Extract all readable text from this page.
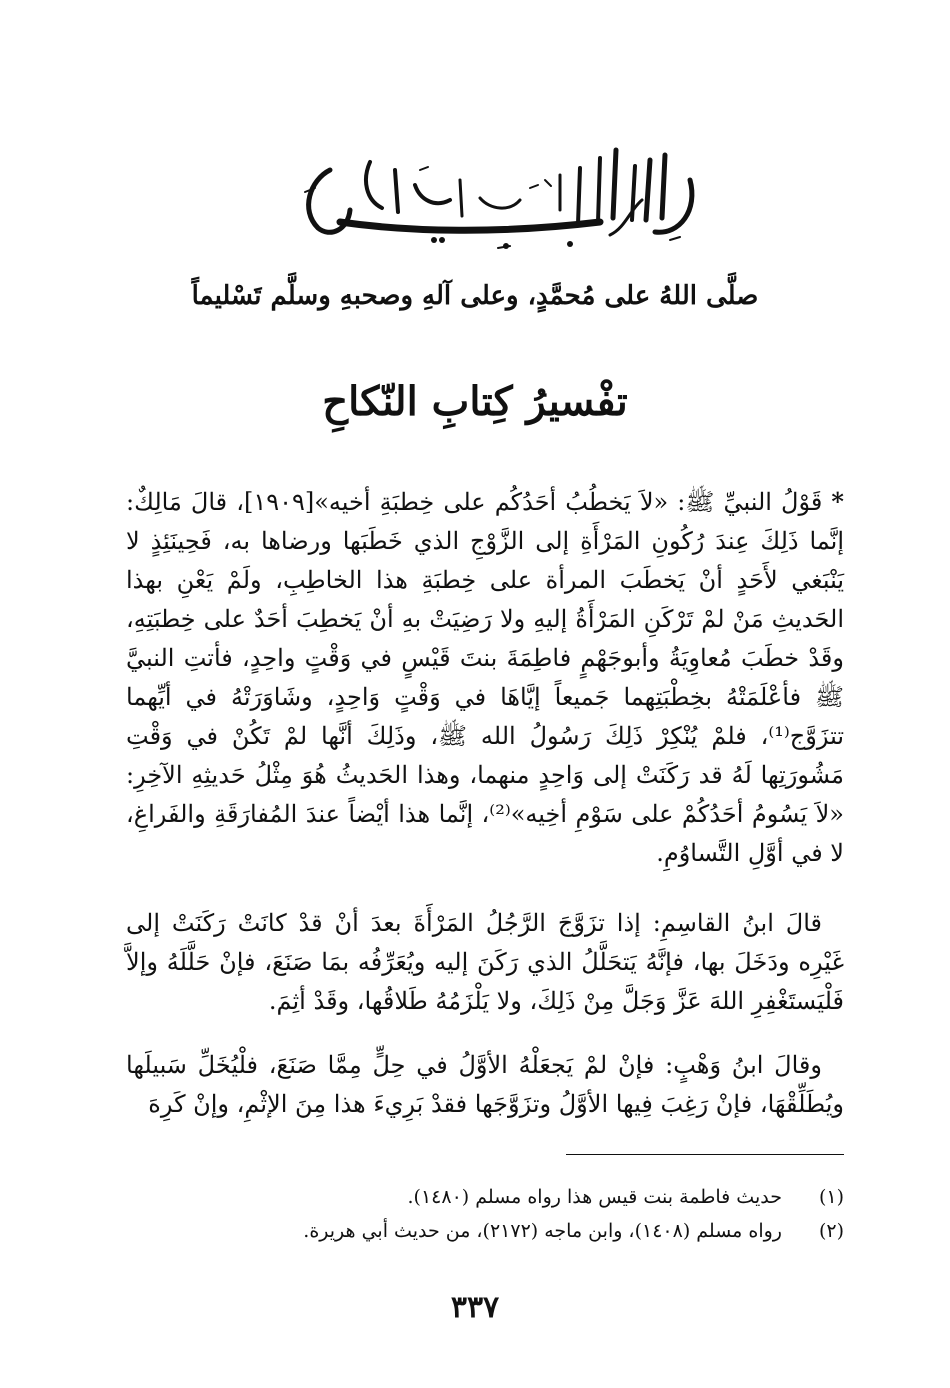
صلَّى اللهُ على مُحمَّدٍ، وعلى آلهِ وصحبهِ وسلَّم تَسْليماً
تفْسيرُ كِتابِ النّكاحِ

* قَوْلُ النبيِّ ﷺ: «لاَ يَخطُبُ أحَدُكُم على خِطبَةِ أخيه»[١٩٠٩]، قالَ مَالِكٌ: إنَّما ذَلِكَ عِندَ رُكُونِ المَرْأَةِ إلى الزَّوْجِ الذي خَطَبَها ورضاها به، فَحِينَئِذٍ لا يَنْبَغي لأَحَدٍ أنْ يَخطَبَ المرأة على خِطبَةِ هذا الخاطِبِ، ولَمْ يَعْنِ بهذا الحَديثِ مَنْ لمْ تَرْكَنِ المَرْأَةُ إليهِ ولا رَضِيَتْ بهِ أنْ يَخطِبَ أحَدٌ على خِطبَتِهِ، وقَدْ خطَبَ مُعاوِيَةُ وأبوجَهْمٍ فاطِمَةَ بنتَ قَيْسٍ في وَقْتٍ واحِدٍ، فأتتِ النبيَّ ﷺ فأعْلَمَتْهُ بخِطْبَتِهما جَميعاً إيَّاهَا في وَقْتٍ وَاحِدٍ، وشَاوَرَتْهُ في أيِّهما تتزَوَّج⁽¹⁾، فلمْ يُنْكِرْ ذَلِكَ رَسُولُ الله ﷺ، وذَلِكَ أنَّها لمْ تَكُنْ في وَقْتِ مَشُورَتِها لَهُ قد رَكَنَتْ إلى وَاحِدٍ منهما، وهذا الحَديثُ هُوَ مِثْلُ حَديثِهِ الآخِرِ: «لاَ يَسُومُ أحَدُكُمْ على سَوْمِ أخِيه»⁽²⁾، إنَّما هذا أيْضاً عندَ المُفارَقَةِ والفَراغِ، لا في أوَّلِ التَّساوُمِ.

قالَ ابنُ القاسِمِ: إذا تزَوَّجَ الرَّجُلُ المَرْأَةَ بعدَ أنْ قدْ كانَتْ رَكَنَتْ إلى غَيْرِه ودَخَلَ بها، فإنَّهُ يَتحَلَّلُ الذي رَكَنَ إليه ويُعَرِّفُه بمَا صَنَعَ، فإنْ حَلَّلَهُ وإلاَّ فَلْيَستَغْفِرِ اللهَ عَزَّ وَجَلَّ مِنْ ذَلِكَ، ولا يَلْزَمُهُ طَلاقُها، وقَدْ أثِمَ.

وقالَ ابنُ وَهْبٍ: فإنْ لمْ يَجعَلْهُ الأوَّلُ في حِلٍّ مِمَّا صَنَعَ، فلْيُخَلِّ سَبيلَها ويُطَلِّقْهَا، فإنْ رَغِبَ فِيها الأوَّلُ وتزَوَّجَها فقدْ بَرِيءَ هذا مِنَ الإثْمِ، وإنْ كَرِهَ

(١) حديث فاطمة بنت قيس هذا رواه مسلم (١٤٨٠).
(٢) رواه مسلم (١٤٠٨)، وابن ماجه (٢١٧٢)، من حديث أبي هريرة.
٣٣٧
